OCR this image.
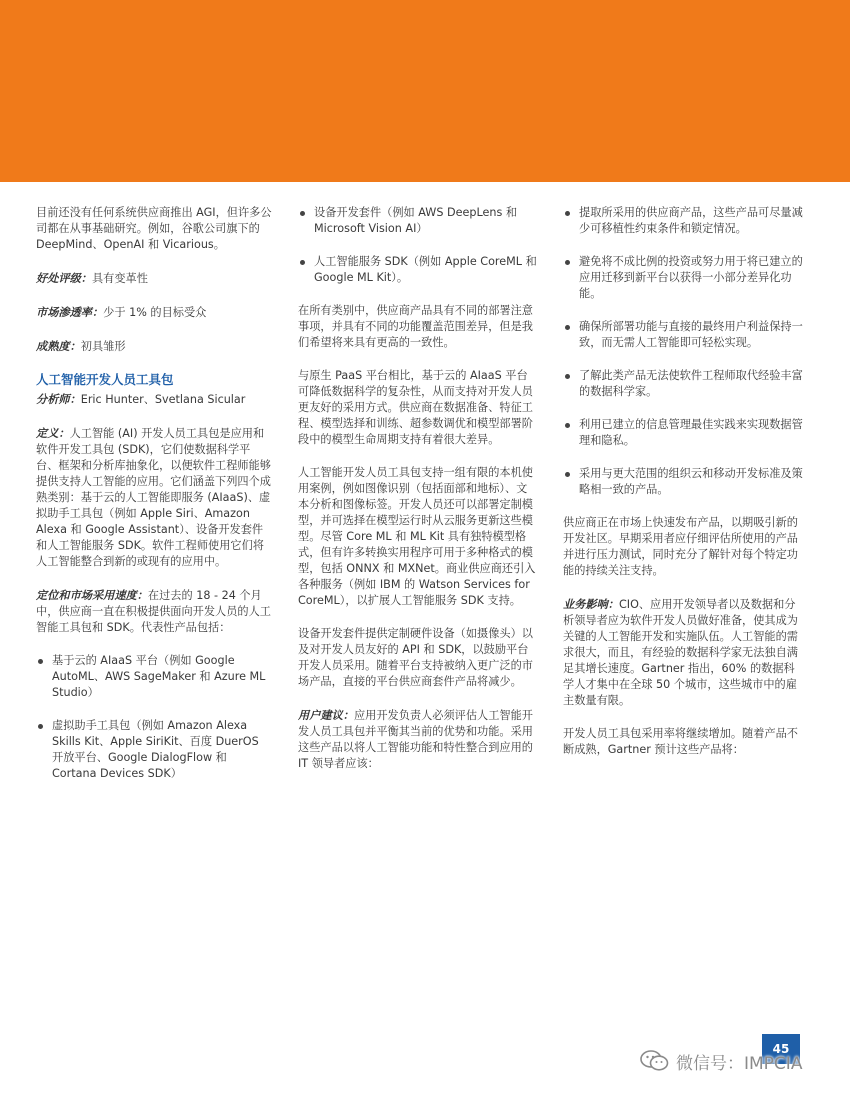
目前还没有任何系统供应商推出 AGI，但许多公司都在从事基础研究。例如，谷歌公司旗下的 DeepMind、OpenAI 和 Vicarious。

好处评级：具有变革性

市场渗透率：少于 1% 的目标受众

成熟度：初具雏形

人工智能开发人员工具包
分析师：Eric Hunter、Svetlana Sicular

定义：人工智能 (AI) 开发人员工具包是应用和软件开发工具包 (SDK)，它们使数据科学平台、框架和分析库抽象化，以便软件工程师能够提供支持人工智能的应用。它们涵盖下列四个成熟类别：基于云的人工智能即服务 (AIaaS)、虚拟助手工具包（例如 Apple Siri、Amazon Alexa 和 Google Assistant）、设备开发套件和人工智能服务 SDK。软件工程师使用它们将人工智能整合到新的或现有的应用中。

定位和市场采用速度：在过去的 18 - 24 个月中，供应商一直在积极提供面向开发人员的人工智能工具包和 SDK。代表性产品包括：

基于云的 AIaaS 平台（例如 Google AutoML、AWS SageMaker 和 Azure ML Studio）
虚拟助手工具包（例如 Amazon Alexa Skills Kit、Apple SiriKit、百度 DuerOS 开放平台、Google DialogFlow 和 Cortana Devices SDK）
设备开发套件（例如 AWS DeepLens 和 Microsoft Vision AI）
人工智能服务 SDK（例如 Apple CoreML 和 Google ML Kit）。

在所有类别中，供应商产品具有不同的部署注意事项，并具有不同的功能覆盖范围差异，但是我们希望将来具有更高的一致性。

与原生 PaaS 平台相比，基于云的 AIaaS 平台可降低数据科学的复杂性，从而支持对开发人员更友好的采用方式。供应商在数据准备、特征工程、模型选择和训练、超参数调优和模型部署阶段中的模型生命周期支持有着很大差异。

人工智能开发人员工具包支持一组有限的本机使用案例，例如图像识别（包括面部和地标）、文本分析和图像标签。开发人员还可以部署定制模型，并可选择在模型运行时从云服务更新这些模型。尽管 Core ML 和 ML Kit 具有独特模型格式，但有许多转换实用程序可用于多种格式的模型，包括 ONNX 和 MXNet。商业供应商还引入各种服务（例如 IBM 的 Watson Services for CoreML），以扩展人工智能服务 SDK 支持。

设备开发套件提供定制硬件设备（如摄像头）以及对开发人员友好的 API 和 SDK，以鼓励平台开发人员采用。随着平台支持被纳入更广泛的市场产品，直接的平台供应商套件产品将减少。

用户建议：应用开发负责人必须评估人工智能开发人员工具包并平衡其当前的优势和功能。采用这些产品以将人工智能功能和特性整合到应用的 IT 领导者应该：

提取所采用的供应商产品，这些产品可尽量减少可移植性约束条件和锁定情况。
避免将不成比例的投资或努力用于将已建立的应用迁移到新平台以获得一小部分差异化功能。
确保所部署功能与直接的最终用户利益保持一致，而无需人工智能即可轻松实现。
了解此类产品无法使软件工程师取代经验丰富的数据科学家。
利用已建立的信息管理最佳实践来实现数据管理和隐私。
采用与更大范围的组织云和移动开发标准及策略相一致的产品。

供应商正在市场上快速发布产品，以期吸引新的开发社区。早期采用者应仔细评估所使用的产品并进行压力测试，同时充分了解针对每个特定功能的持续关注支持。

业务影响：CIO、应用开发领导者以及数据和分析领导者应为软件开发人员做好准备，使其成为关键的人工智能开发和实施队伍。人工智能的需求很大，而且，有经验的数据科学家无法独自满足其增长速度。Gartner 指出，60% 的数据科学人才集中在全球 50 个城市，这些城市中的雇主数量有限。

开发人员工具包采用率将继续增加。随着产品不断成熟，Gartner 预计这些产品将：

45
微信号：IMPCIA
